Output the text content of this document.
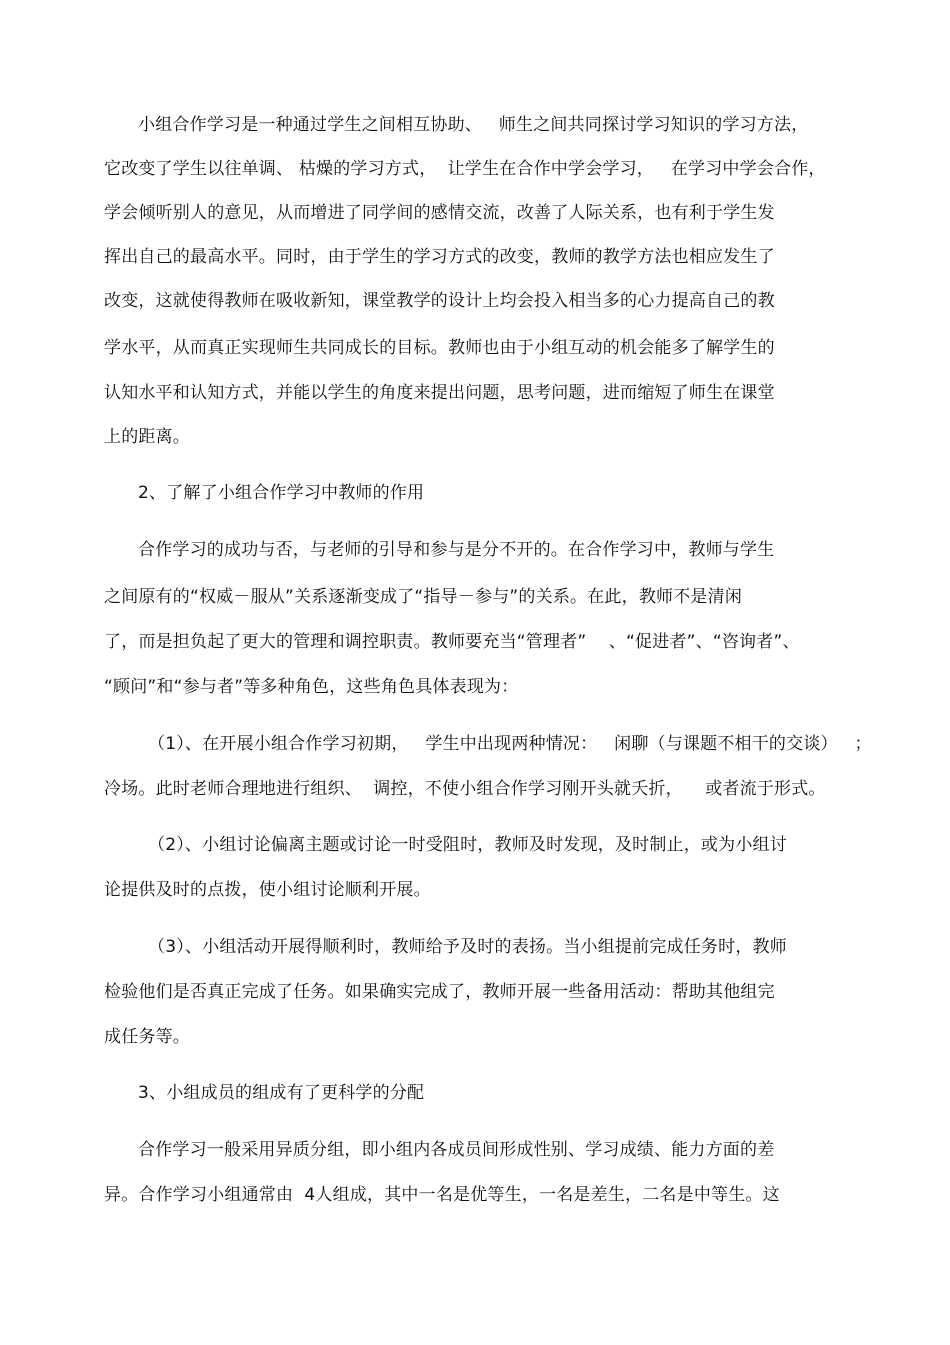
小组合作学习是一种通过学生之间相互协助、   师生之间共同探讨学习知识的学习方法，
它改变了学生以往单调、 枯燥的学习方式，  让学生在合作中学会学习，   在学习中学会合作，
学会倾听别人的意见，从而增进了同学间的感情交流，改善了人际关系，也有利于学生发
挥出自己的最高水平。同时，由于学生的学习方式的改变，教师的教学方法也相应发生了
改变，这就使得教师在吸收新知，课堂教学的设计上均会投入相当多的心力提高自己的教
学水平，从而真正实现师生共同成长的目标。教师也由于小组互动的机会能多了解学生的
认知水平和认知方式，并能以学生的角度来提出问题，思考问题，进而缩短了师生在课堂
上的距离。
2、了解了小组合作学习中教师的作用
合作学习的成功与否，与老师的引导和参与是分不开的。在合作学习中，教师与学生
之间原有的“权威－服从”关系逐渐变成了“指导－参与”的关系。在此，教师不是清闲
了，而是担负起了更大的管理和调控职责。教师要充当“管理者”    、“促进者”、“咨询者”、
“顾问”和“参与者”等多种角色，这些角色具体表现为：
（1）、在开展小组合作学习初期，   学生中出现两种情况：   闲聊（与课题不相干的交谈）   ；
冷场。此时老师合理地进行组织、  调控，不使小组合作学习刚开头就夭折，    或者流于形式。
（2）、小组讨论偏离主题或讨论一时受阻时，教师及时发现，及时制止，或为小组讨
论提供及时的点拨，使小组讨论顺利开展。
（3）、小组活动开展得顺利时，教师给予及时的表扬。当小组提前完成任务时，教师
检验他们是否真正完成了任务。如果确实完成了，教师开展一些备用活动：帮助其他组完
成任务等。
3、小组成员的组成有了更科学的分配
合作学习一般采用异质分组，即小组内各成员间形成性别、学习成绩、能力方面的差
异。合作学习小组通常由  4人组成，其中一名是优等生，一名是差生，二名是中等生。这
